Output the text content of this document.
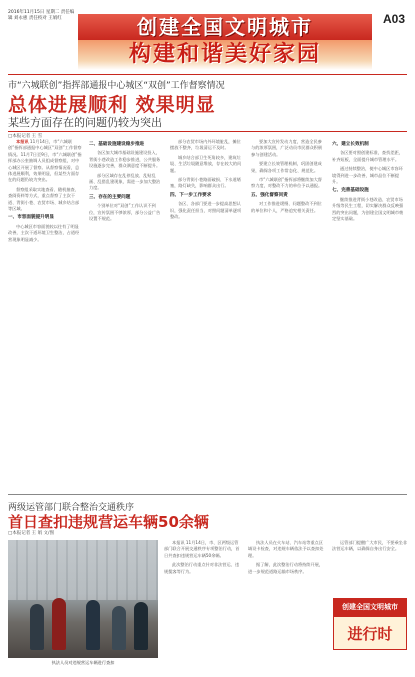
2016年11月15日 星期二 责任编辑 刘永惠 责任校对 王娟红	创建全国文明城市
构建和谐美好家园
A03
市“六城联创”指挥部通报中心城区“双创”工作督察情况
总体进展顺利 效果明显
某些方面存在的问题仍较为突出
□本报记者 王 雪

本报讯 11月14日，市“六城联创”指挥部通报中心城区“双创”工作督察情况。11月7日至9日，市“六城联创”指挥部办公室抽调人员组成督察组，对中心城区开展了督察。从督察情况看，总体进展顺利，效果明显，但某些方面存在的问题仍较为突出。

督察组采取实地查看、随机抽查、查阅资料等方式，重点督察了主次干道、背街小巷、农贸市场、城乡结合部等区域。

一、市容面貌提升明显

中心城区市容面貌较以往有了明显改善，主次干道环境卫生整洁，占道经营现象明显减少。

二、基础设施建设稳步推进

各区加大城市基础设施建设投入，背街小巷改造工作稳步推进，公共服务设施逐步完善，群众满意度不断提升。

部分区域存在乱停乱放、乱贴乱画、乱搭乱建现象，需进一步加大整治力度。

三、存在的主要问题

个别单位对“双创”工作认识不到位，宣传氛围不够浓厚，部分公益广告设置不规范。

部分农贸市场内外环境脏乱，摊位摆放不整齐，垃圾清运不及时。

城乡结合部卫生死角较多，建筑垃圾、生活垃圾随意堆放，存在较大的问题。

部分背街小巷路面破损、下水道堵塞，路灯缺失，影响群众出行。

四、下一步工作要求

各区、各部门要进一步提高思想认识，强化责任担当，对照问题清单逐项整改。

要加大宣传发动力度，营造全民参与的浓厚氛围，广泛动员市民群众积极参与创建活动。

要建立长效管理机制，巩固创建成果，确保各项工作常态化、规范化。

市“六城联创”指挥部将继续加大督察力度，对整改不力的单位予以通报。

五、强化督察问责

对工作推进缓慢、问题整改不到位的单位和个人，严格追究相关责任。

六、建立长效机制

各区要对照创建标准，查找差距，补齐短板，全面提升城市管理水平。

通过持续整治，使中心城区市容环境得到进一步改善，城市品位不断提升。

七、完善基础设施

继续推进背街小巷改造、农贸市场升级等民生工程，切实解决群众反映强烈的突出问题，为创建全国文明城市奠定坚实基础。

两级运管部门联合整治交通秩序
首日查扣违规营运车辆50余辆
□本报记者 王 娟 文/图
执法人员对违规营运车辆进行查扣

本报讯 11月14日，市、区两级运管部门联合开展交通秩序专项整治行动，首日共查扣违规营运车辆50余辆。

此次整治行动重点针对非法营运、违规揽客等行为。

执法人员在火车站、汽车站等重点区域设卡检查，对违规车辆依法予以查扣处理。

据了解，此次整治行动将持续开展，进一步规范道路运输市场秩序。

运管部门提醒广大市民，不要乘坐非法营运车辆，以确保自身出行安全。

创建全国文明城市
进行时
